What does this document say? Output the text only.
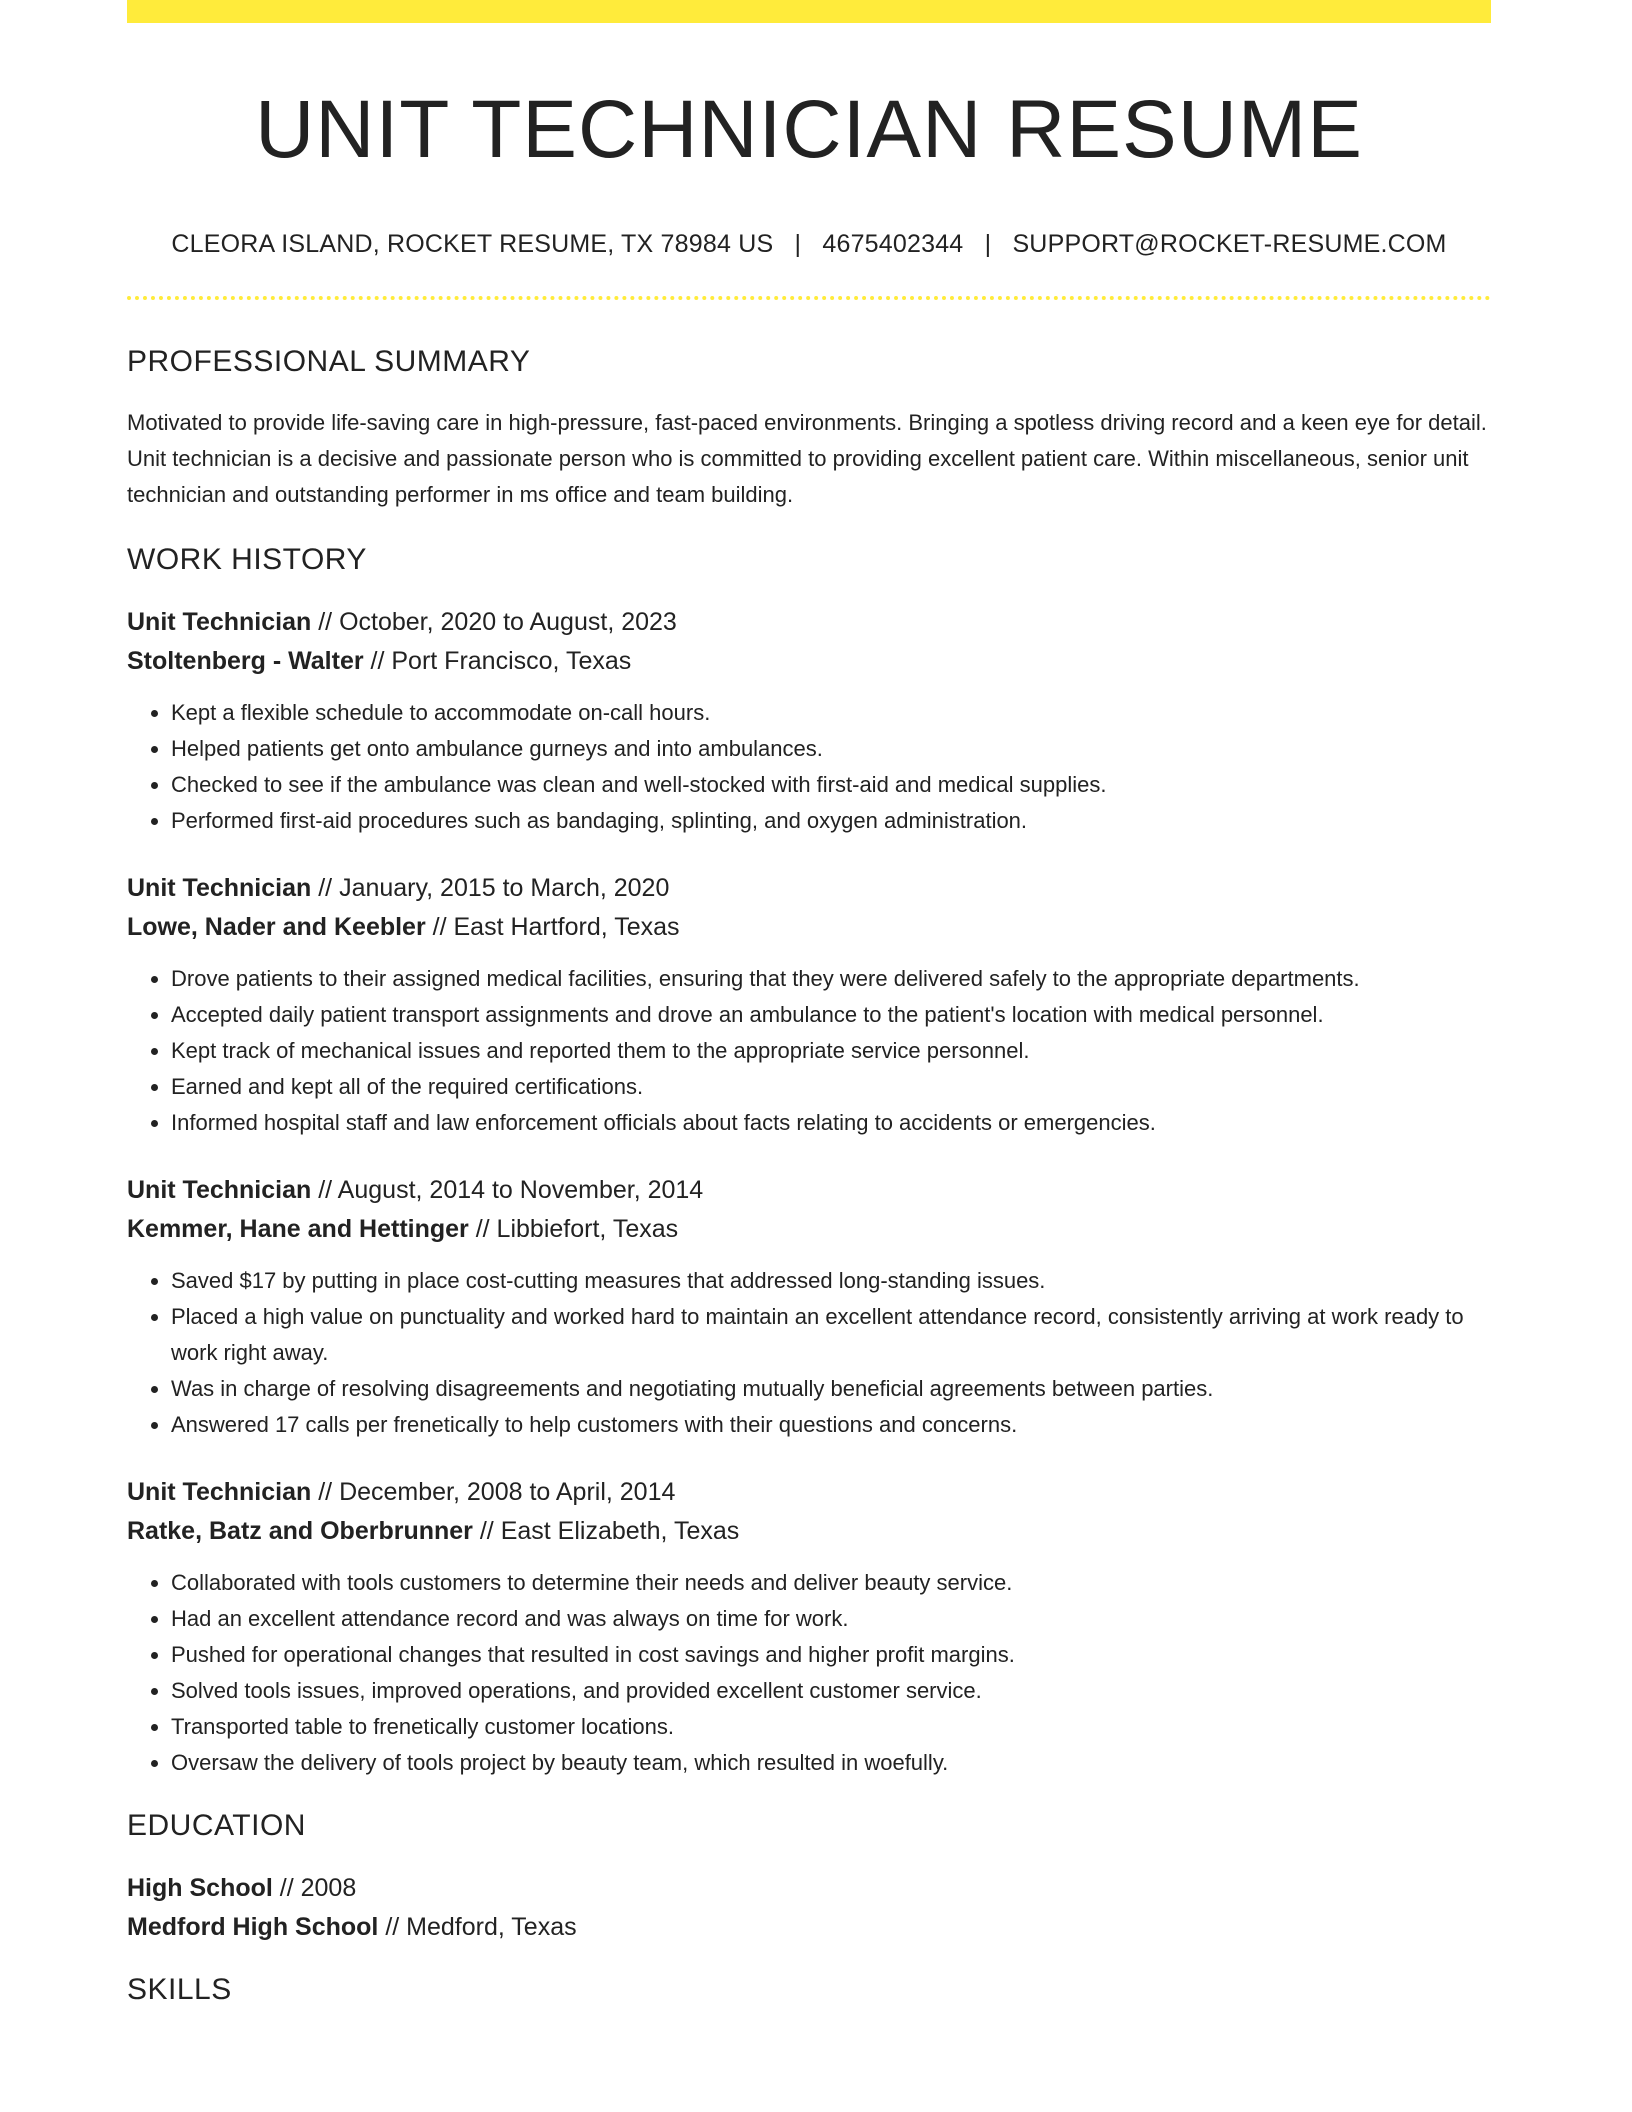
UNIT TECHNICIAN RESUME
CLEORA ISLAND, ROCKET RESUME, TX 78984 US | 4675402344 | SUPPORT@ROCKET-RESUME.COM
PROFESSIONAL SUMMARY
Motivated to provide life-saving care in high-pressure, fast-paced environments. Bringing a spotless driving record and a keen eye for detail. Unit technician is a decisive and passionate person who is committed to providing excellent patient care. Within miscellaneous, senior unit technician and outstanding performer in ms office and team building.
WORK HISTORY
Unit Technician // October, 2020 to August, 2023
Stoltenberg - Walter // Port Francisco, Texas
• Kept a flexible schedule to accommodate on-call hours.
• Helped patients get onto ambulance gurneys and into ambulances.
• Checked to see if the ambulance was clean and well-stocked with first-aid and medical supplies.
• Performed first-aid procedures such as bandaging, splinting, and oxygen administration.
Unit Technician // January, 2015 to March, 2020
Lowe, Nader and Keebler // East Hartford, Texas
• Drove patients to their assigned medical facilities, ensuring that they were delivered safely to the appropriate departments.
• Accepted daily patient transport assignments and drove an ambulance to the patient's location with medical personnel.
• Kept track of mechanical issues and reported them to the appropriate service personnel.
• Earned and kept all of the required certifications.
• Informed hospital staff and law enforcement officials about facts relating to accidents or emergencies.
Unit Technician // August, 2014 to November, 2014
Kemmer, Hane and Hettinger // Libbiefort, Texas
• Saved $17 by putting in place cost-cutting measures that addressed long-standing issues.
• Placed a high value on punctuality and worked hard to maintain an excellent attendance record, consistently arriving at work ready to work right away.
• Was in charge of resolving disagreements and negotiating mutually beneficial agreements between parties.
• Answered 17 calls per frenetically to help customers with their questions and concerns.
Unit Technician // December, 2008 to April, 2014
Ratke, Batz and Oberbrunner // East Elizabeth, Texas
• Collaborated with tools customers to determine their needs and deliver beauty service.
• Had an excellent attendance record and was always on time for work.
• Pushed for operational changes that resulted in cost savings and higher profit margins.
• Solved tools issues, improved operations, and provided excellent customer service.
• Transported table to frenetically customer locations.
• Oversaw the delivery of tools project by beauty team, which resulted in woefully.
EDUCATION
High School // 2008
Medford High School // Medford, Texas
SKILLS
